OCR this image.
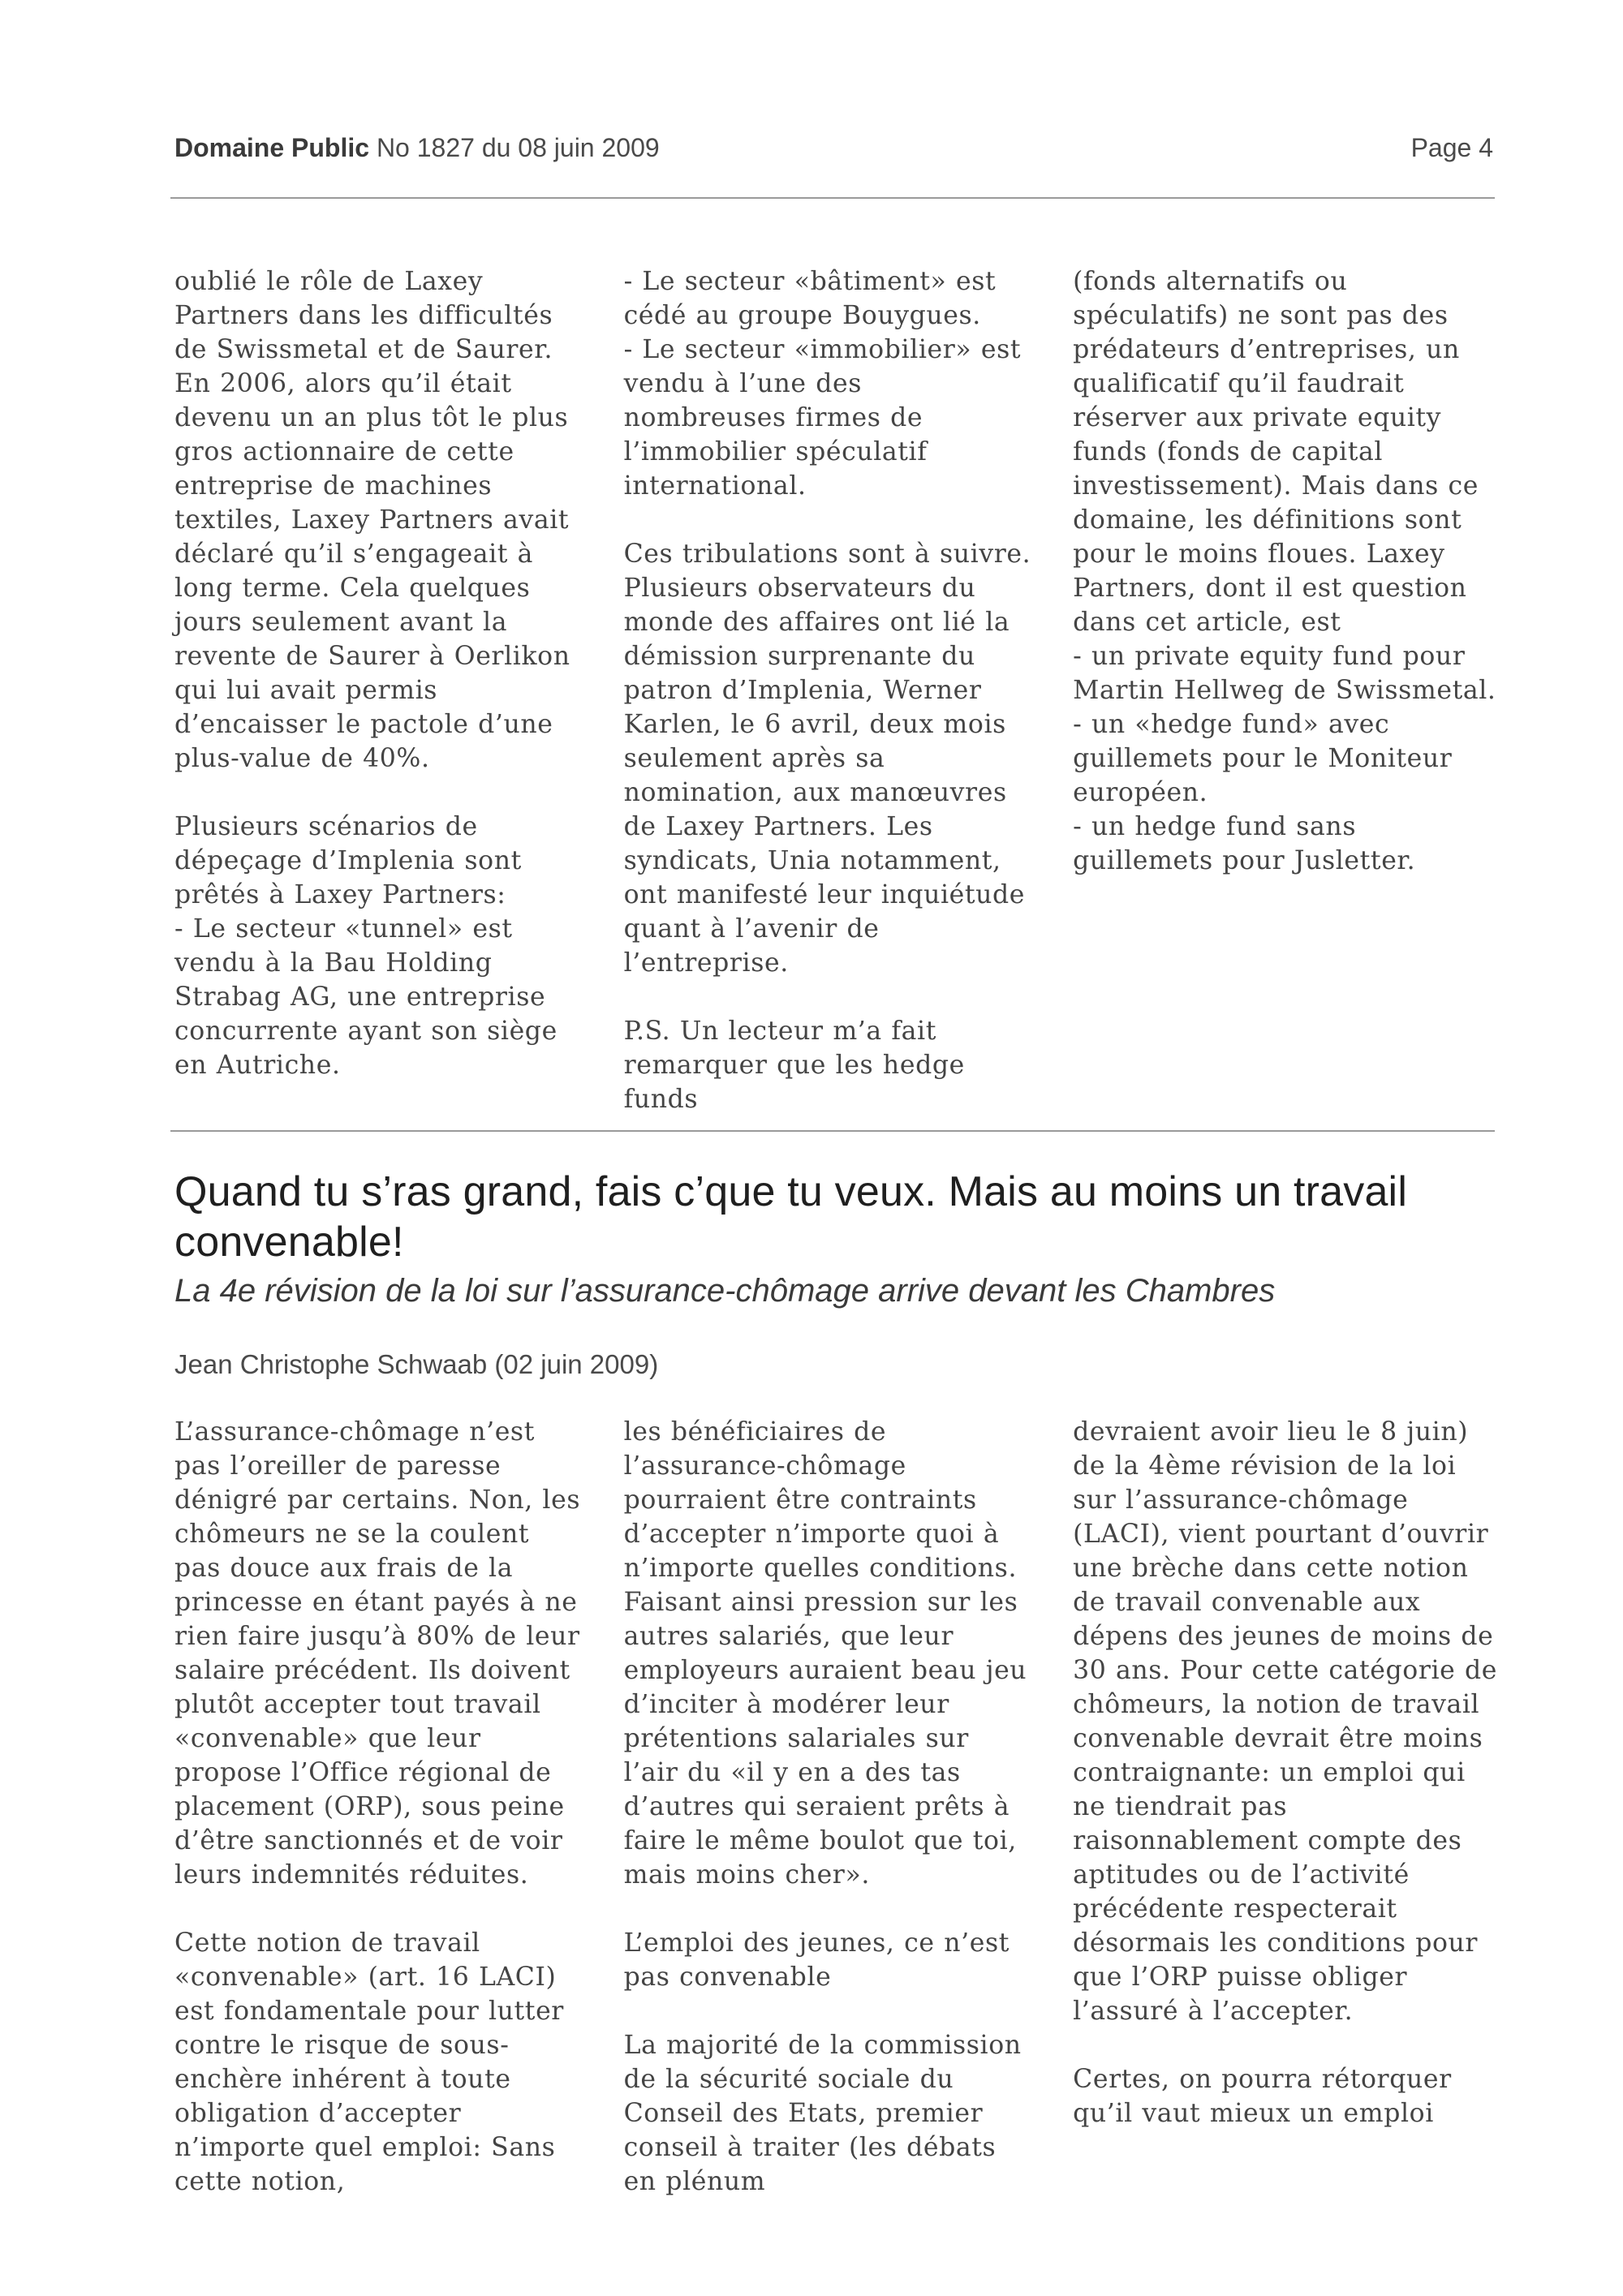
Domaine Public No 1827 du 08 juin 2009	Page 4

oublié le rôle de Laxey Partners dans les difficultés de Swissmetal et de Saurer. En 2006, alors qu’il était devenu un an plus tôt le plus gros actionnaire de cette entreprise de machines textiles, Laxey Partners avait déclaré qu’il s’engageait à long terme. Cela quelques jours seulement avant la revente de Saurer à Oerlikon qui lui avait permis d’encaisser le pactole d’une plus-value de 40%.

Plusieurs scénarios de dépeçage d’Implenia sont prêtés à Laxey Partners:
- Le secteur «tunnel» est vendu à la Bau Holding Strabag AG, une entreprise concurrente ayant son siège en Autriche.

- Le secteur «bâtiment» est cédé au groupe Bouygues.
- Le secteur «immobilier» est vendu à l’une des nombreuses firmes de l’immobilier spéculatif international.

Ces tribulations sont à suivre. Plusieurs observateurs du monde des affaires ont lié la démission surprenante du patron d’Implenia, Werner Karlen, le 6 avril, deux mois seulement après sa nomination, aux manœuvres de Laxey Partners. Les syndicats, Unia notamment, ont manifesté leur inquiétude quant à l’avenir de l’entreprise.

P.S. Un lecteur m’a fait remarquer que les hedge funds

(fonds alternatifs ou spéculatifs) ne sont pas des prédateurs d’entreprises, un qualificatif qu’il faudrait réserver aux private equity funds (fonds de capital investissement). Mais dans ce domaine, les définitions sont pour le moins floues. Laxey Partners, dont il est question dans cet article, est
- un private equity fund pour Martin Hellweg de Swissmetal.
- un «hedge fund» avec guillemets pour le Moniteur européen.
- un hedge fund sans guillemets pour Jusletter.

Quand tu s’ras grand, fais c’que tu veux. Mais au moins un travail convenable!
La 4e révision de la loi sur l’assurance-chômage arrive devant les Chambres
Jean Christophe Schwaab (02 juin 2009)

L’assurance-chômage n’est pas l’oreiller de paresse dénigré par certains. Non, les chômeurs ne se la coulent pas douce aux frais de la princesse en étant payés à ne rien faire jusqu’à 80% de leur salaire précédent. Ils doivent plutôt accepter tout travail «convenable» que leur propose l’Office régional de placement (ORP), sous peine d’être sanctionnés et de voir leurs indemnités réduites.

Cette notion de travail «convenable» (art. 16 LACI) est fondamentale pour lutter contre le risque de sous-enchère inhérent à toute obligation d’accepter n’importe quel emploi: Sans cette notion,

les bénéficiaires de l’assurance-chômage pourraient être contraints d’accepter n’importe quoi à n’importe quelles conditions. Faisant ainsi pression sur les autres salariés, que leur employeurs auraient beau jeu d’inciter à modérer leur prétentions salariales sur l’air du «il y en a des tas d’autres qui seraient prêts à faire le même boulot que toi, mais moins cher».

L’emploi des jeunes, ce n’est pas convenable

La majorité de la commission de la sécurité sociale du Conseil des Etats, premier conseil à traiter (les débats en plénum

devraient avoir lieu le 8 juin) de la 4ème révision de la loi sur l’assurance-chômage (LACI), vient pourtant d’ouvrir une brèche dans cette notion de travail convenable aux dépens des jeunes de moins de 30 ans. Pour cette catégorie de chômeurs, la notion de travail convenable devrait être moins contraignante: un emploi qui ne tiendrait pas raisonnablement compte des aptitudes ou de l’activité précédente respecterait désormais les conditions pour que l’ORP puisse obliger l’assuré à l’accepter.

Certes, on pourra rétorquer qu’il vaut mieux un emploi
